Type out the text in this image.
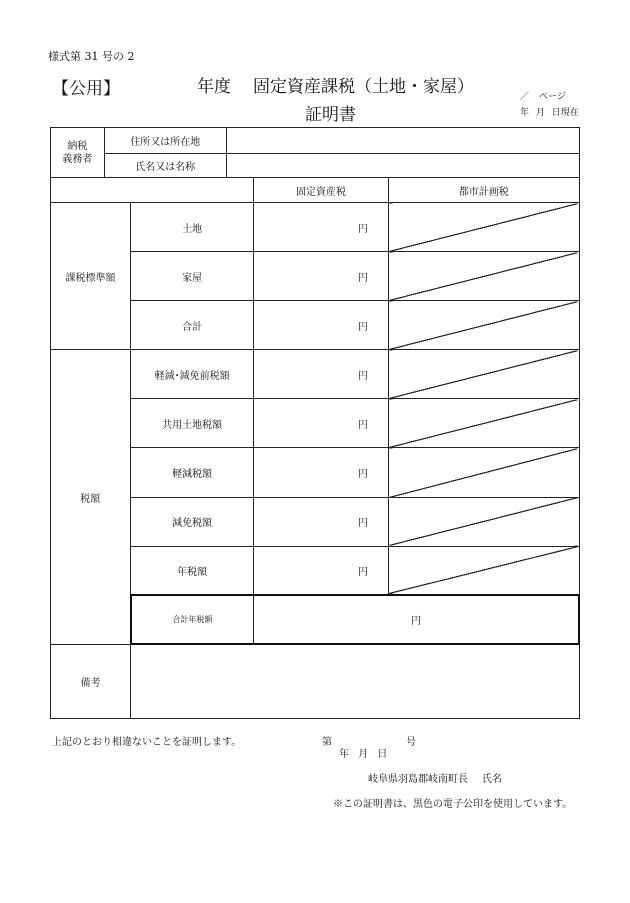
様式第 31 号の 2
【公用】	年度 固定資産課税（土地・家屋）
証明書
／ ページ
年 月 日現在
納税
義務者	住所又は所在地				
	氏名又は名称				
				固定資産税	都市計画税
課税標準額		土地		円	
		家屋		円	
		合計		円	
税額		軽減･減免前税額		円	
		共用土地税額		円	
		軽減税額		円	
		減免税額		円	
		年税額		円	
		合計年税額		円	
備考					
上記のとおり相違ないことを証明します。	第	号
年 月 日
岐阜県羽島郡岐南町長 氏名
※この証明書は、黒色の電子公印を使用しています。
